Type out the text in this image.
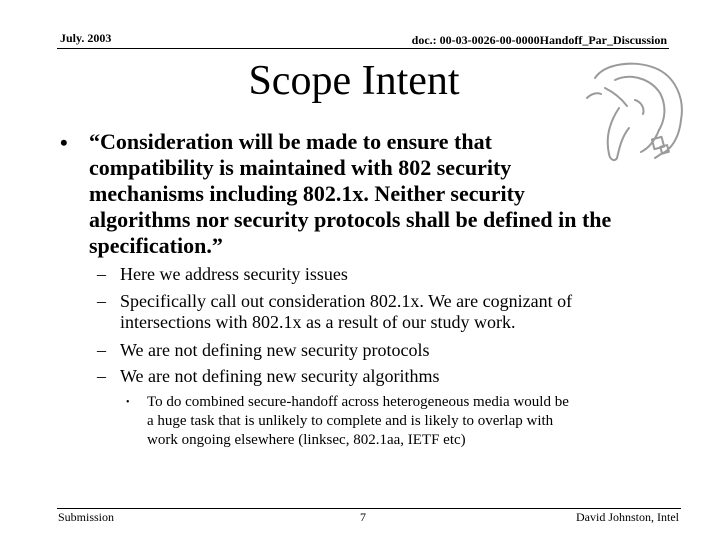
July. 2003	doc.: 00-03-0026-00-0000Handoff_Par_Discussion
Scope Intent
• “Consideration will be made to ensure that
compatibility is maintained with 802 security
mechanisms including 802.1x. Neither security
algorithms nor security protocols shall be defined in the
specification.”
– Here we address security issues
– Specifically call out consideration 802.1x. We are cognizant of
intersections with 802.1x as a result of our study work.
– We are not defining new security protocols
– We are not defining new security algorithms
• To do combined secure-handoff across heterogeneous media would be
a huge task that is unlikely to complete and is likely to overlap with
work ongoing elsewhere (linksec, 802.1aa, IETF etc)
Submission	7	David Johnston, Intel
